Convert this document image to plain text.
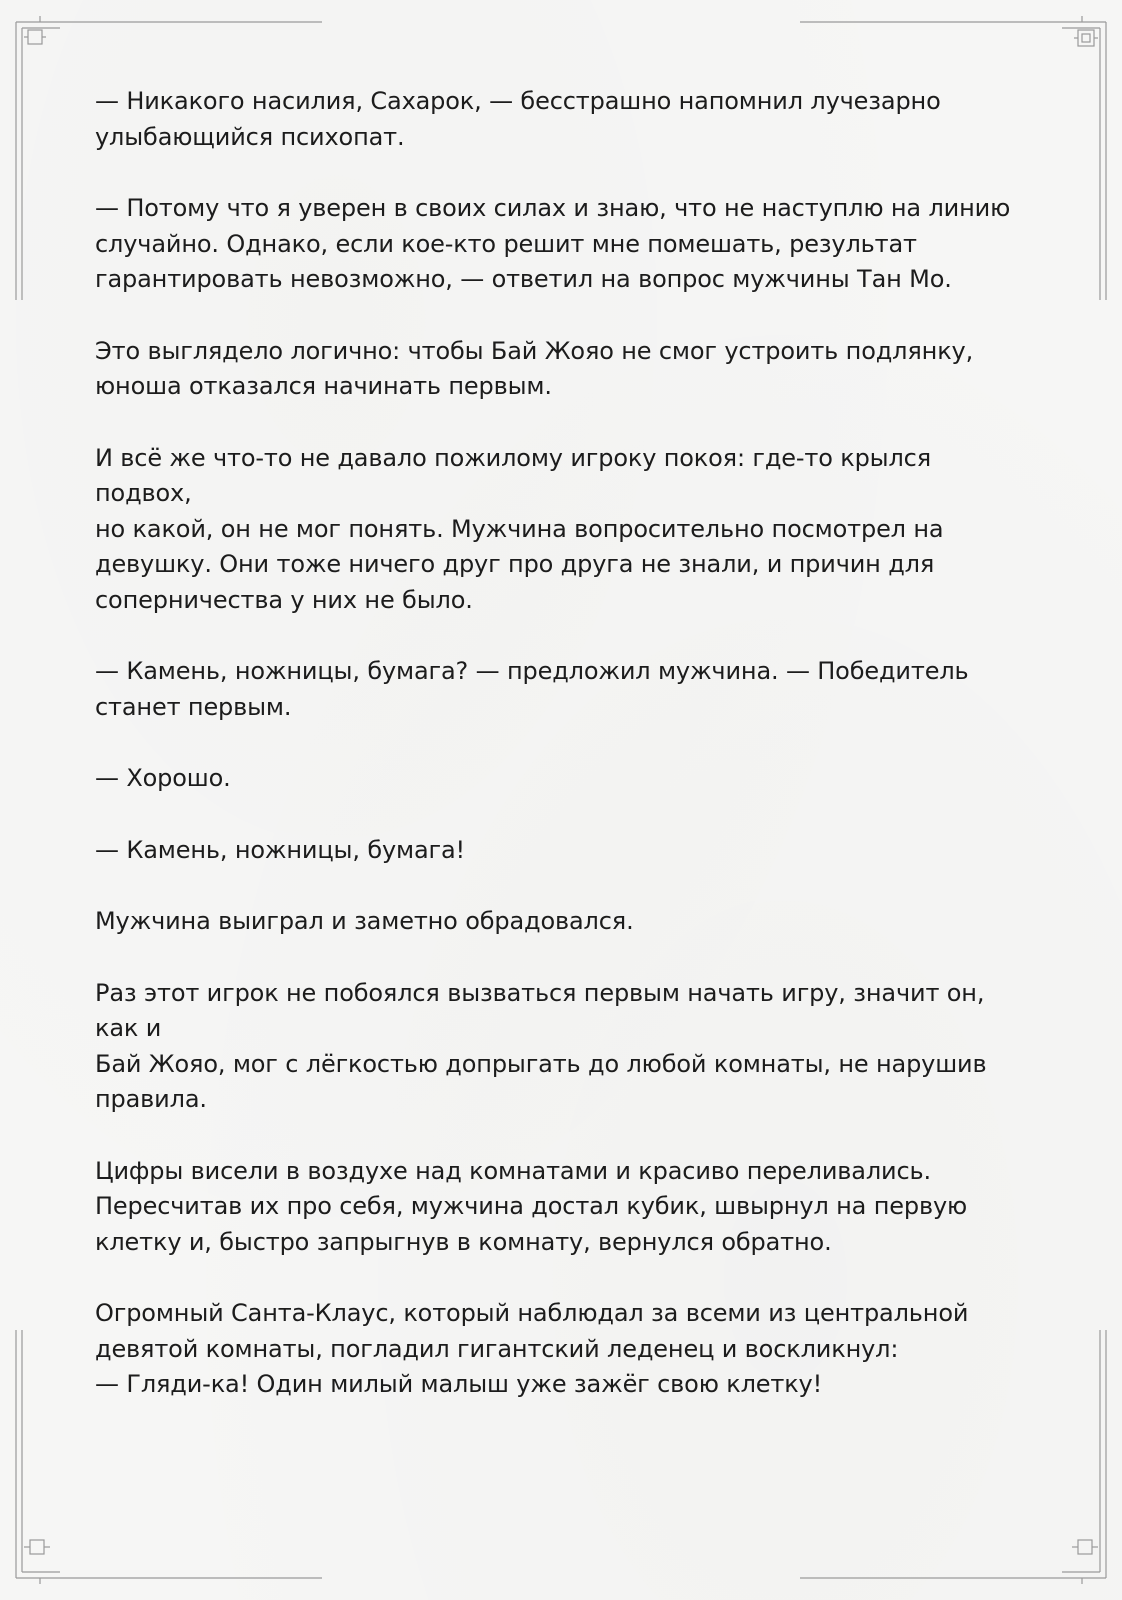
— Никакого насилия, Сахарок, — бесстрашно напомнил лучезарно
улыбающийся психопат.

— Потому что я уверен в своих силах и знаю, что не наступлю на линию
случайно. Однако, если кое-кто решит мне помешать, результат
гарантировать невозможно, — ответил на вопрос мужчины Тан Мо.

Это выглядело логично: чтобы Бай Жояо не смог устроить подлянку,
юноша отказался начинать первым.

И всё же что-то не давало пожилому игроку покоя: где-то крылся подвох,
но какой, он не мог понять. Мужчина вопросительно посмотрел на
девушку. Они тоже ничего друг про друга не знали, и причин для
соперничества у них не было.

— Камень, ножницы, бумага? — предложил мужчина. — Победитель
станет первым.

— Хорошо.

— Камень, ножницы, бумага!

Мужчина выиграл и заметно обрадовался.

Раз этот игрок не побоялся вызваться первым начать игру, значит он, как и
Бай Жояо, мог с лёгкостью допрыгать до любой комнаты, не нарушив
правила.

Цифры висели в воздухе над комнатами и красиво переливались.
Пересчитав их про себя, мужчина достал кубик, швырнул на первую
клетку и, быстро запрыгнув в комнату, вернулся обратно.

Огромный Санта-Клаус, который наблюдал за всеми из центральной
девятой комнаты, погладил гигантский леденец и воскликнул:
— Гляди-ка! Один милый малыш уже зажёг свою клетку!
